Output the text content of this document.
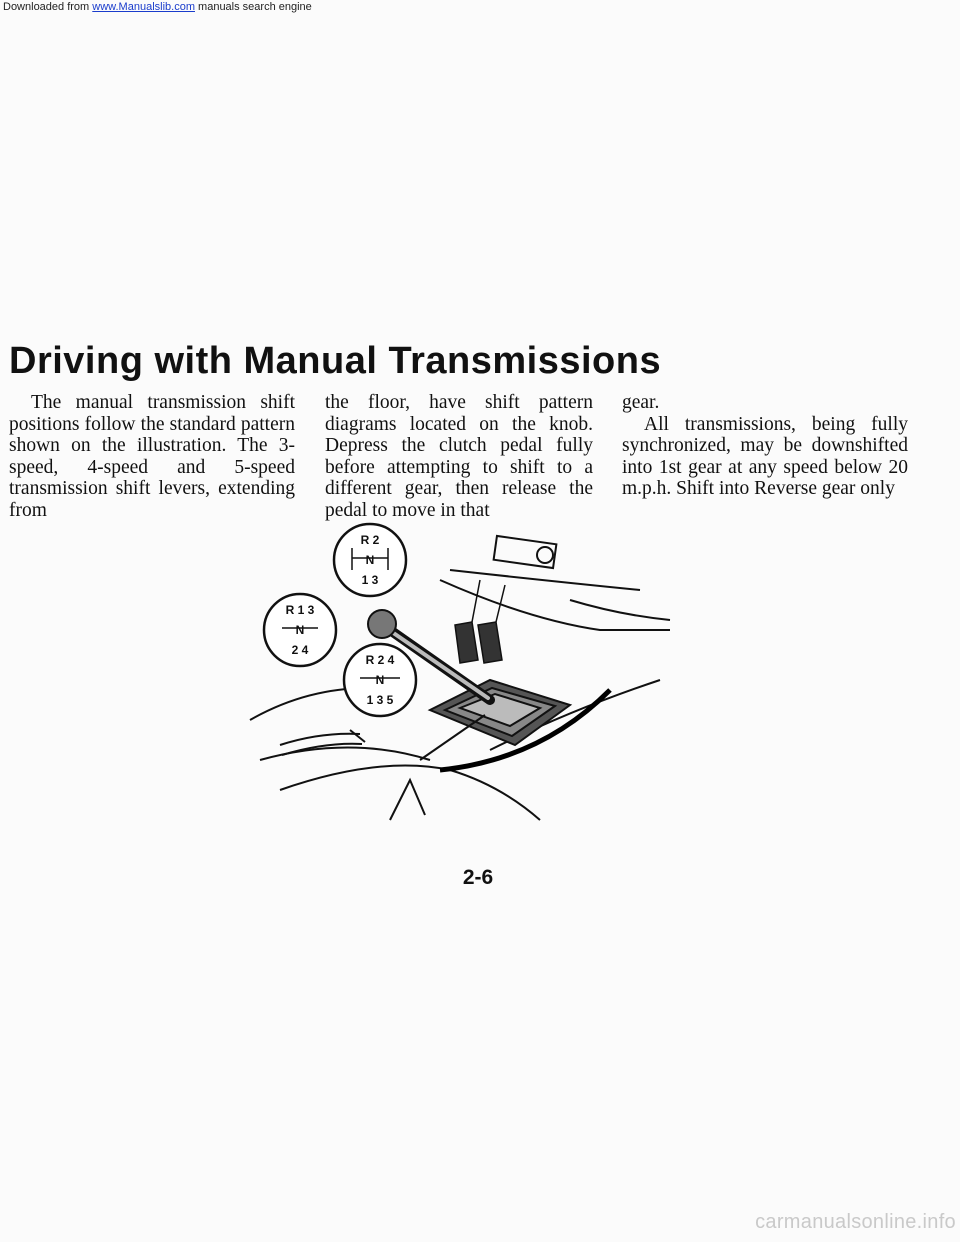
Downloaded from www.Manualslib.com manuals search engine
Driving with Manual Transmissions

The manual transmission shift positions follow the standard pattern shown on the illustration. The 3-speed, 4-speed and 5-speed transmission shift levers, extending from

the floor, have shift pattern diagrams located on the knob. Depress the clutch pedal fully before attempting to shift to a different gear, then release the pedal to move in that

gear.

All transmissions, being fully synchronized, may be downshifted into 1st gear at any speed below 20 m.p.h. Shift into Reverse gear only

R 2
N
1 3
R 1 3
N
2 4
R 2 4
N
1 3 5
2-6
carmanualsonline.info
